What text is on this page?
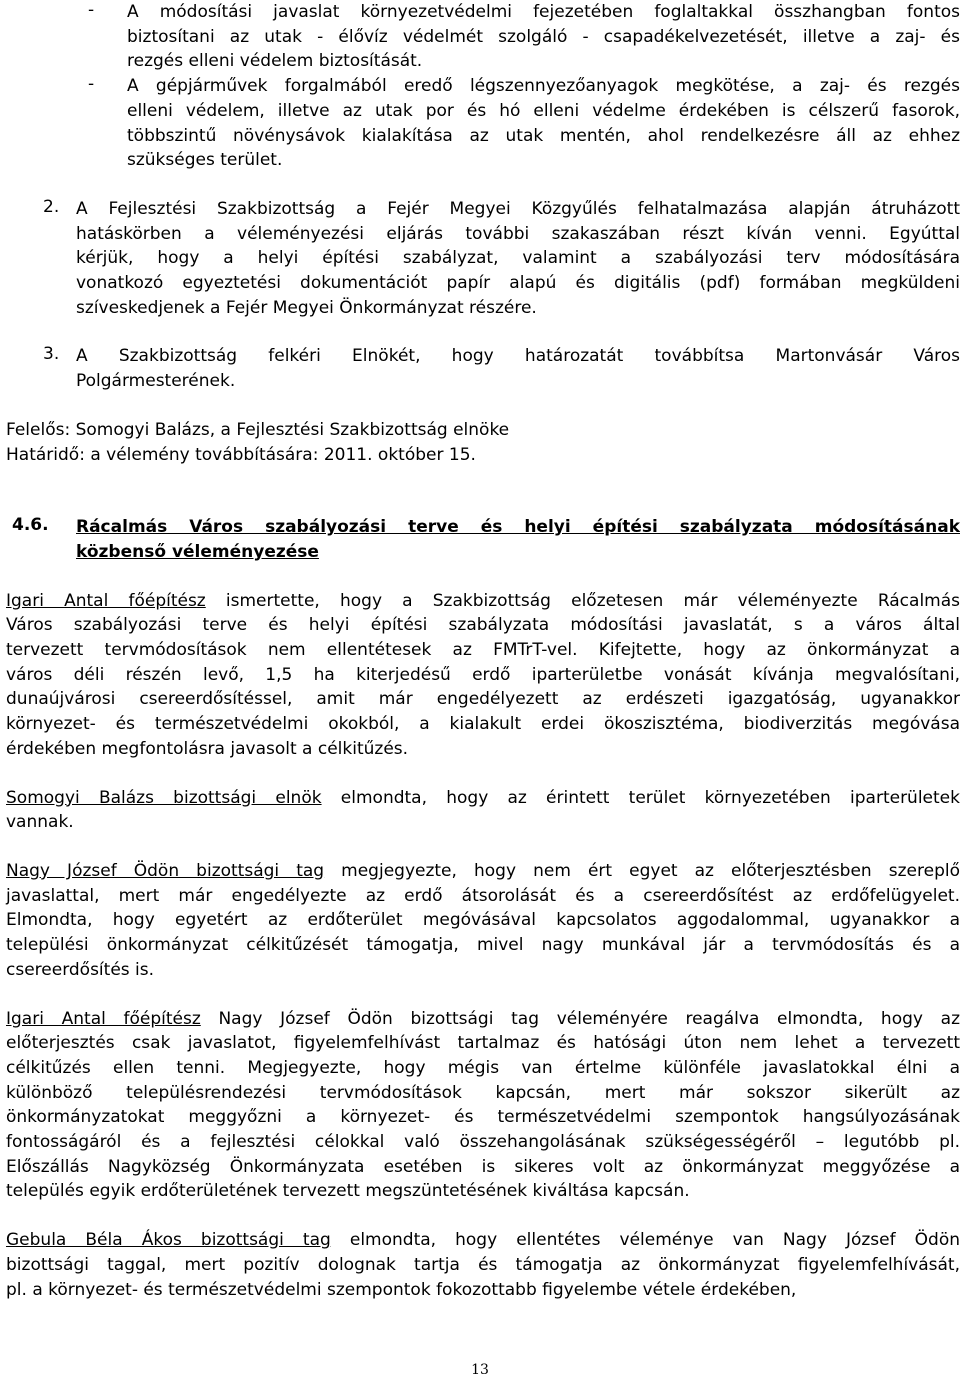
- A módosítási javaslat környezetvédelmi fejezetében foglaltakkal összhangban fontos
biztosítani az utak - élővíz védelmét szolgáló - csapadékelvezetését, illetve a zaj- és
rezgés elleni védelem biztosítását.
- A gépjárművek forgalmából eredő légszennyezőanyagok megkötése, a zaj- és rezgés
elleni védelem, illetve az utak por és hó elleni védelme érdekében is célszerű fasorok,
többszintű növénysávok kialakítása az utak mentén, ahol rendelkezésre áll az ehhez
szükséges terület.
2. A Fejlesztési Szakbizottság a Fejér Megyei Közgyűlés felhatalmazása alapján átruházott
hatáskörben a véleményezési eljárás további szakaszában részt kíván venni. Egyúttal
kérjük, hogy a helyi építési szabályzat, valamint a szabályozási terv módosítására
vonatkozó egyeztetési dokumentációt papír alapú és digitális (pdf) formában megküldeni
szíveskedjenek a Fejér Megyei Önkormányzat részére.
3. A Szakbizottság felkéri Elnökét, hogy határozatát továbbítsa Martonvásár Város
Polgármesterének.
Felelős: Somogyi Balázs, a Fejlesztési Szakbizottság elnöke
Határidő: a vélemény továbbítására: 2011. október 15.
4.6. Rácalmás Város szabályozási terve és helyi építési szabályzata módosításának
közbenső véleményezése
Igari Antal főépítész ismertette, hogy a Szakbizottság előzetesen már véleményezte Rácalmás
Város szabályozási terve és helyi építési szabályzata módosítási javaslatát, s a város által
tervezett tervmódosítások nem ellentétesek az FMTrT-vel. Kifejtette, hogy az önkormányzat a
város déli részén levő, 1,5 ha kiterjedésű erdő iparterületbe vonását kívánja megvalósítani,
dunaújvárosi csereerdősítéssel, amit már engedélyezett az erdészeti igazgatóság, ugyanakkor
környezet- és természetvédelmi okokból, a kialakult erdei ökoszisztéma, biodiverzitás megóvása
érdekében megfontolásra javasolt a célkitűzés.
Somogyi Balázs bizottsági elnök elmondta, hogy az érintett terület környezetében iparterületek
vannak.
Nagy József Ödön bizottsági tag megjegyezte, hogy nem ért egyet az előterjesztésben szereplő
javaslattal, mert már engedélyezte az erdő átsorolását és a csereerdősítést az erdőfelügyelet.
Elmondta, hogy egyetért az erdőterület megóvásával kapcsolatos aggodalommal, ugyanakkor a
települési önkormányzat célkitűzését támogatja, mivel nagy munkával jár a tervmódosítás és a
csereerdősítés is.
Igari Antal főépítész Nagy József Ödön bizottsági tag véleményére reagálva elmondta, hogy az
előterjesztés csak javaslatot, figyelemfelhívást tartalmaz és hatósági úton nem lehet a tervezett
célkitűzés ellen tenni. Megjegyezte, hogy mégis van értelme különféle javaslatokkal élni a
különböző településrendezési tervmódosítások kapcsán, mert már sokszor sikerült az
önkormányzatokat meggyőzni a környezet- és természetvédelmi szempontok hangsúlyozásának
fontosságáról és a fejlesztési célokkal való összehangolásának szükségességéről – legutóbb pl.
Előszállás Nagyközség Önkormányzata esetében is sikeres volt az önkormányzat meggyőzése a
település egyik erdőterületének tervezett megszüntetésének kiváltása kapcsán.
Gebula Béla Ákos bizottsági tag elmondta, hogy ellentétes véleménye van Nagy József Ödön
bizottsági taggal, mert pozitív dolognak tartja és támogatja az önkormányzat figyelemfelhívását,
pl. a környezet- és természetvédelmi szempontok fokozottabb figyelembe vétele érdekében,
13
